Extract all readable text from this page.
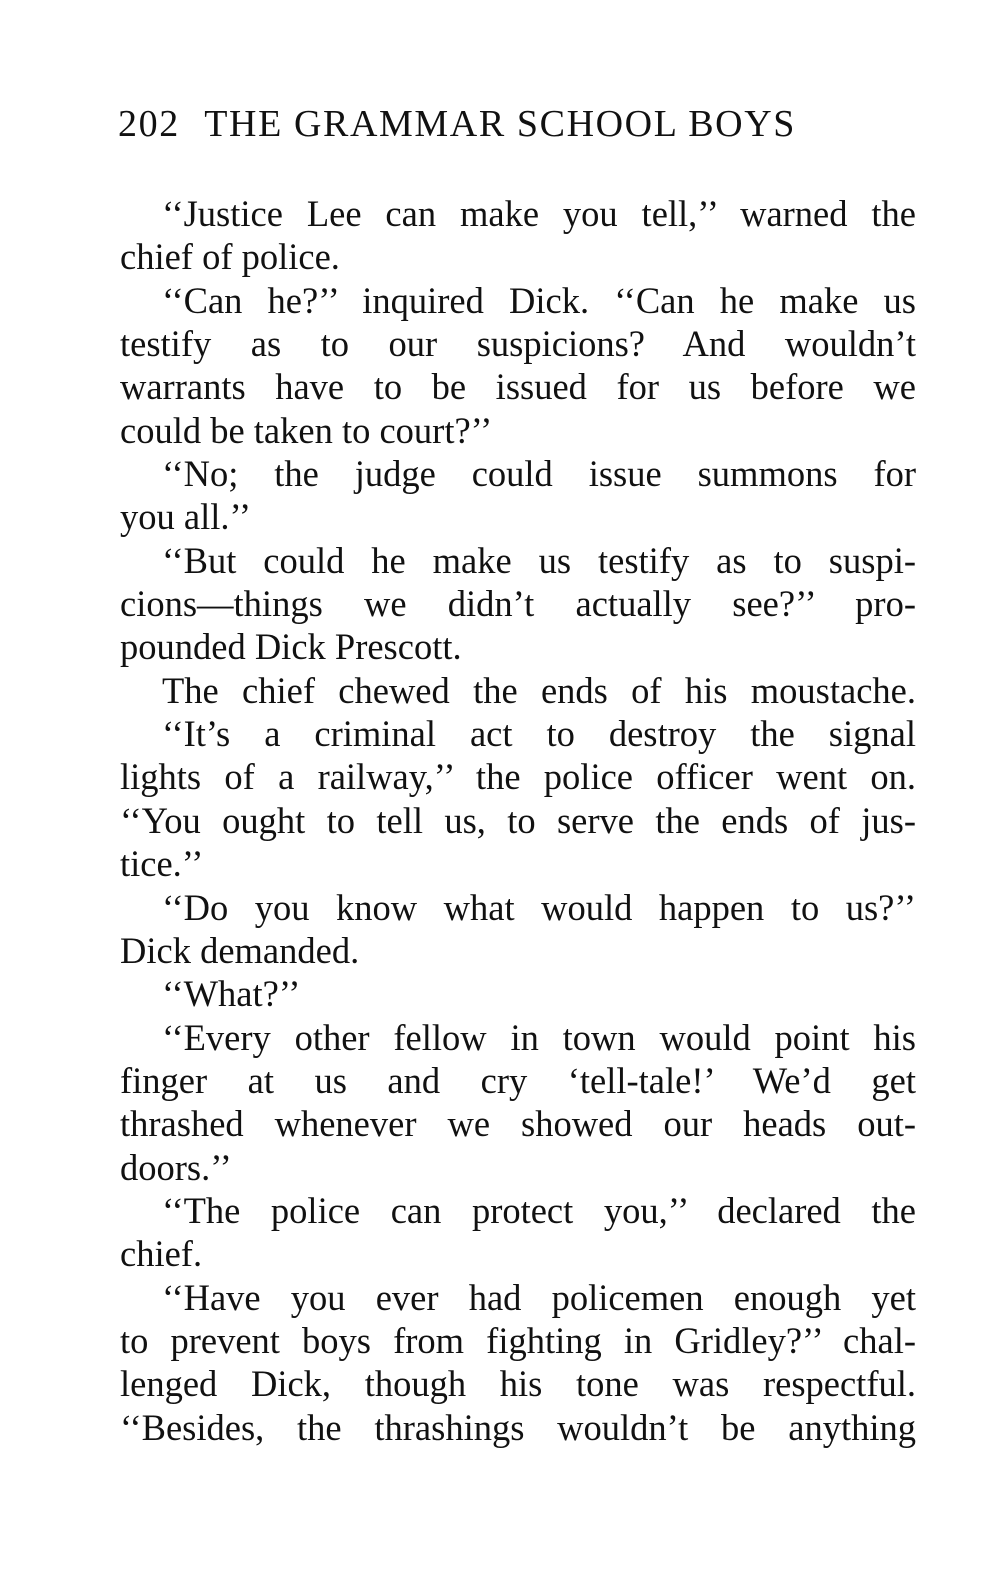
202 THE GRAMMAR SCHOOL BOYS
‘‘Justice Lee can make you tell,’’ warned the
chief of police.
‘‘Can he?’’ inquired Dick. ‘‘Can he make us
testify as to our suspicions? And wouldn’t
warrants have to be issued for us before we
could be taken to court?’’
‘‘No; the judge could issue summons for
you all.’’
‘‘But could he make us testify as to suspi-
cions—things we didn’t actually see?’’ pro-
pounded Dick Prescott.
The chief chewed the ends of his moustache.
‘‘It’s a criminal act to destroy the signal
lights of a railway,’’ the police officer went on.
‘‘You ought to tell us, to serve the ends of jus-
tice.’’
‘‘Do you know what would happen to us?’’
Dick demanded.
‘‘What?’’
‘‘Every other fellow in town would point his
finger at us and cry ‘tell-tale!’ We’d get
thrashed whenever we showed our heads out-
doors.’’
‘‘The police can protect you,’’ declared the
chief.
‘‘Have you ever had policemen enough yet
to prevent boys from fighting in Gridley?’’ chal-
lenged Dick, though his tone was respectful.
‘‘Besides, the thrashings wouldn’t be anything
